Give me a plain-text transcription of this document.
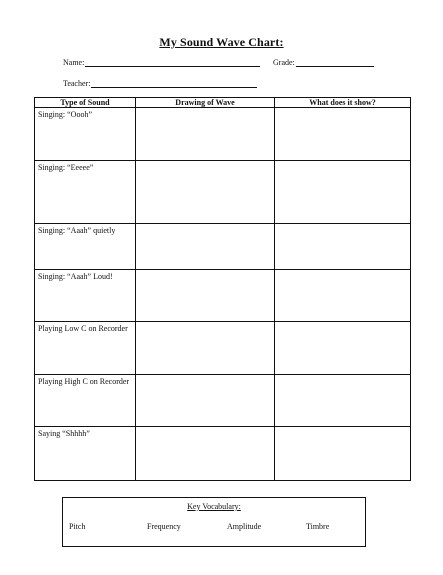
My Sound Wave Chart:
Name:	Grade:
Teacher:
Type of Sound	Drawing of Wave	What does it show?
Singing: “Oooh”		
Singing: “Eeeee”		
Singing: “Aaah” quietly		
Singing: “Aaah” Loud!		
Playing Low C on Recorder		
Playing High C on Recorder		
Saying “Shhhh”		
Key Vocabulary:
Pitch	Frequency	Amplitude	Timbre
